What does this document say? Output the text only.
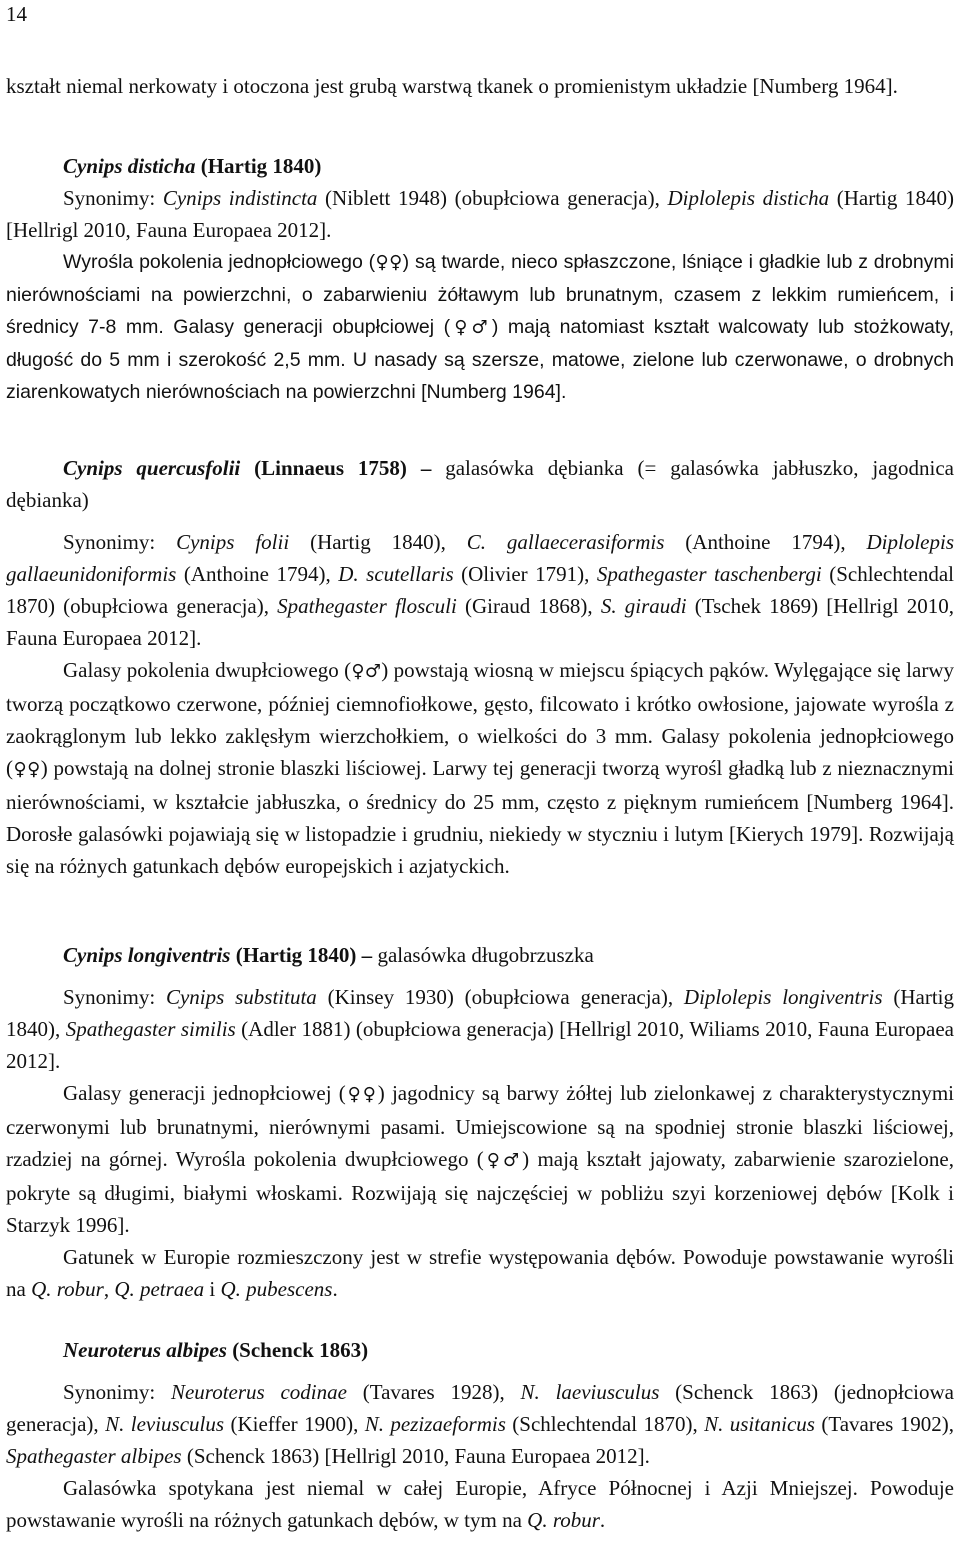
14

kształt niemal nerkowaty i otoczona jest grubą warstwą tkanek o promienistym układzie [Numberg 1964].

Cynips disticha (Hartig 1840)

Synonimy: Cynips indistincta (Niblett 1948) (obupłciowa generacja), Diplolepis disticha (Hartig 1840) [Hellrigl 2010, Fauna Europaea 2012].

Wyrośla pokolenia jednopłciowego (♀♀) są twarde, nieco spłaszczone, lśniące i gładkie lub z drobnymi nierównościami na powierzchni, o zabarwieniu żółtawym lub brunatnym, czasem z lekkim rumieńcem, i średnicy 7-8 mm. Galasy generacji obupłciowej (♀♂) mają natomiast kształt walcowaty lub stożkowaty, długość do 5 mm i szerokość 2,5 mm. U nasady są szersze, matowe, zielone lub czerwonawe, o drobnych ziarenkowatych nierównościach na powierzchni [Numberg 1964].

Cynips quercusfolii (Linnaeus 1758) – galasówka dębianka (= galasówka jabłuszko, jagodnica dębianka)

Synonimy: Cynips folii (Hartig 1840), C. gallaecerasiformis (Anthoine 1794), Diplolepis gallaeunidoniformis (Anthoine 1794), D. scutellaris (Olivier 1791), Spathegaster taschenbergi (Schlechtendal 1870) (obupłciowa generacja), Spathegaster flosculi (Giraud 1868), S. giraudi (Tschek 1869) [Hellrigl 2010, Fauna Europaea 2012].

Galasy pokolenia dwupłciowego (♀♂) powstają wiosną w miejscu śpiących pąków. Wylęgające się larwy tworzą początkowo czerwone, później ciemnofiołkowe, gęsto, filcowato i krótko owłosione, jajowate wyrośla z zaokrąglonym lub lekko zaklęsłym wierzchołkiem, o wielkości do 3 mm. Galasy pokolenia jednopłciowego (♀♀) powstają na dolnej stronie blaszki liściowej. Larwy tej generacji tworzą wyrośl gładką lub z nieznacznymi nierównościami, w kształcie jabłuszka, o średnicy do 25 mm, często z pięknym rumieńcem [Numberg 1964]. Dorosłe galasówki pojawiają się w listopadzie i grudniu, niekiedy w styczniu i lutym [Kierych 1979]. Rozwijają się na różnych gatunkach dębów europejskich i azjatyckich.

Cynips longiventris (Hartig 1840) – galasówka długobrzuszka

Synonimy: Cynips substituta (Kinsey 1930) (obupłciowa generacja), Diplolepis longiventris (Hartig 1840), Spathegaster similis (Adler 1881) (obupłciowa generacja) [Hellrigl 2010, Wiliams 2010, Fauna Europaea 2012].

Galasy generacji jednopłciowej (♀♀) jagodnicy są barwy żółtej lub zielonkawej z charakterystycznymi czerwonymi lub brunatnymi, nierównymi pasami. Umiejscowione są na spodniej stronie blaszki liściowej, rzadziej na górnej. Wyrośla pokolenia dwupłciowego (♀♂) mają kształt jajowaty, zabarwienie szarozielone, pokryte są długimi, białymi włoskami. Rozwijają się najczęściej w pobliżu szyi korzeniowej dębów [Kolk i Starzyk 1996].

Gatunek w Europie rozmieszczony jest w strefie występowania dębów. Powoduje powstawanie wyrośli na Q. robur, Q. petraea i Q. pubescens.

Neuroterus albipes (Schenck 1863)

Synonimy: Neuroterus codinae (Tavares 1928), N. laeviusculus (Schenck 1863) (jednopłciowa generacja), N. leviusculus (Kieffer 1900), N. pezizaeformis (Schlechtendal 1870), N. usitanicus (Tavares 1902), Spathegaster albipes (Schenck 1863) [Hellrigl 2010, Fauna Europaea 2012].

Galasówka spotykana jest niemal w całej Europie, Afryce Północnej i Azji Mniejszej. Powoduje powstawanie wyrośli na różnych gatunkach dębów, w tym na Q. robur.
